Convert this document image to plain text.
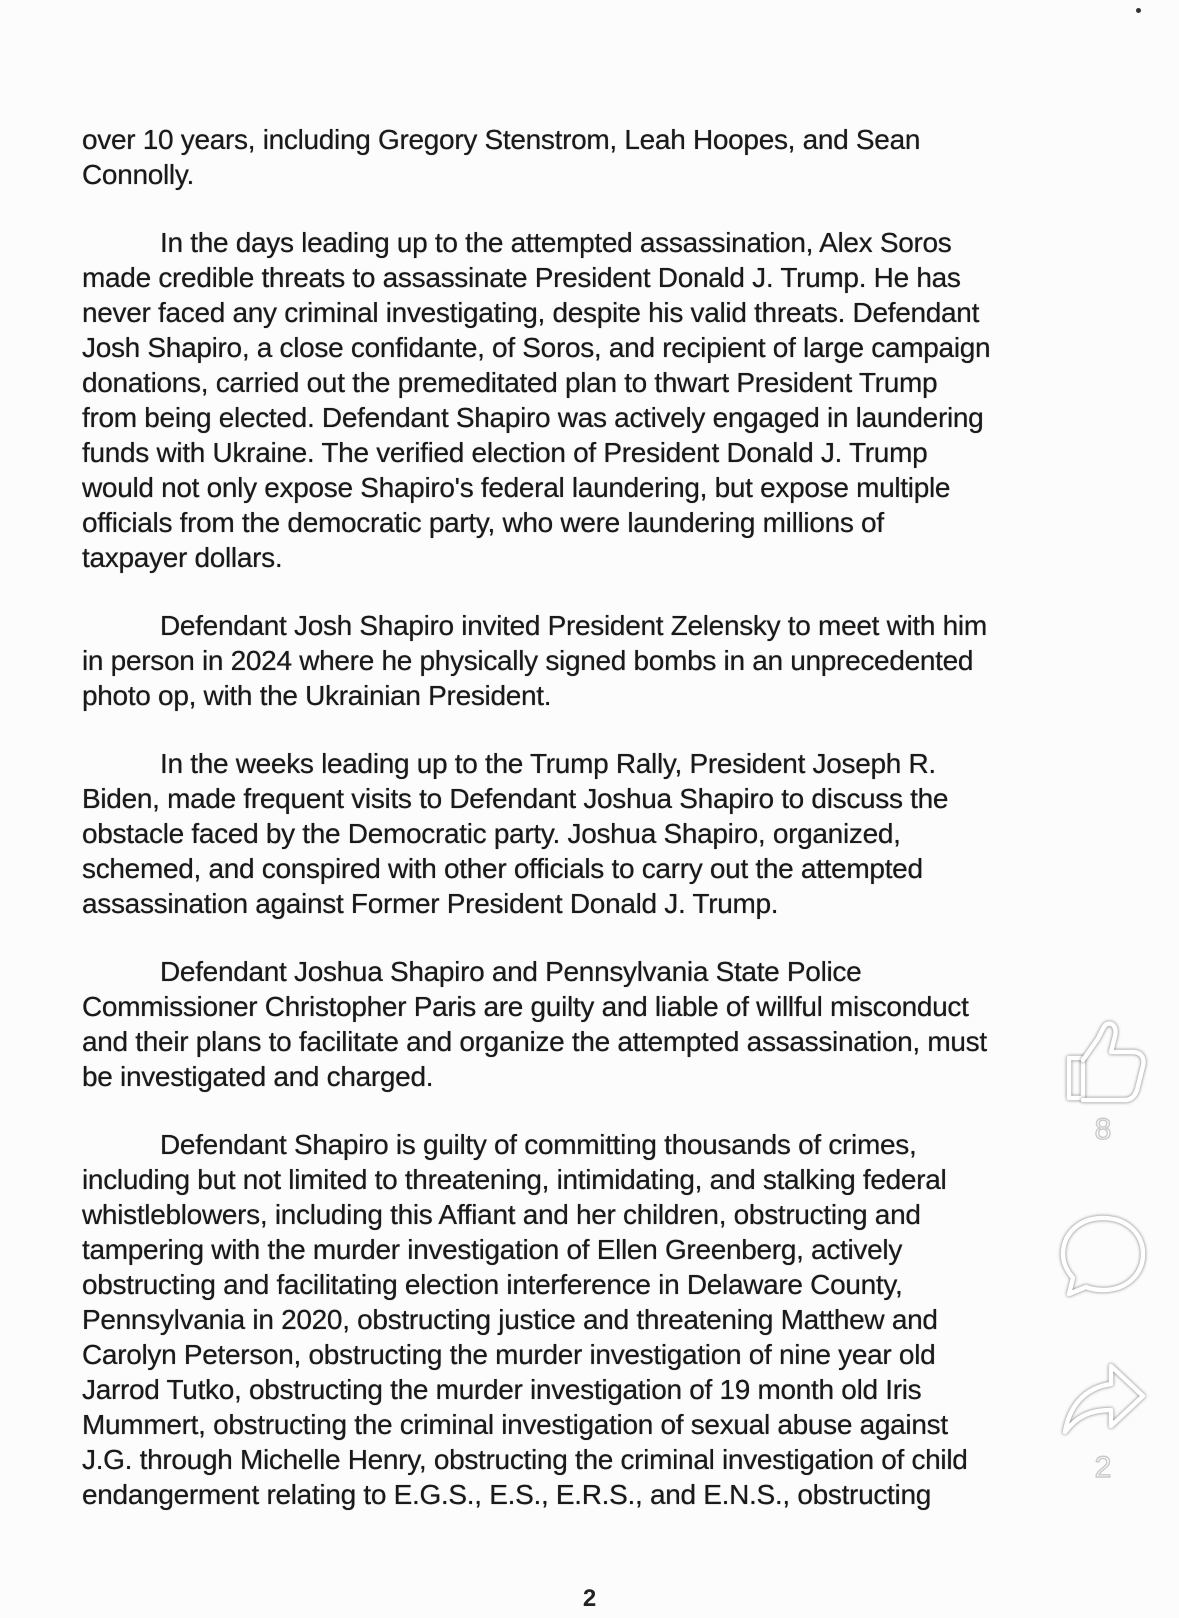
over 10 years, including Gregory Stenstrom, Leah Hoopes, and Sean
Connolly.
In the days leading up to the attempted assassination, Alex Soros
made credible threats to assassinate President Donald J. Trump. He has
never faced any criminal investigating, despite his valid threats. Defendant
Josh Shapiro, a close confidante, of Soros, and recipient of large campaign
donations, carried out the premeditated plan to thwart President Trump
from being elected. Defendant Shapiro was actively engaged in laundering
funds with Ukraine. The verified election of President Donald J. Trump
would not only expose Shapiro's federal laundering, but expose multiple
officials from the democratic party, who were laundering millions of
taxpayer dollars.
Defendant Josh Shapiro invited President Zelensky to meet with him
in person in 2024 where he physically signed bombs in an unprecedented
photo op, with the Ukrainian President.
In the weeks leading up to the Trump Rally, President Joseph R.
Biden, made frequent visits to Defendant Joshua Shapiro to discuss the
obstacle faced by the Democratic party. Joshua Shapiro, organized,
schemed, and conspired with other officials to carry out the attempted
assassination against Former President Donald J. Trump.
Defendant Joshua Shapiro and Pennsylvania State Police
Commissioner Christopher Paris are guilty and liable of willful misconduct
and their plans to facilitate and organize the attempted assassination, must
be investigated and charged.
Defendant Shapiro is guilty of committing thousands of crimes,
including but not limited to threatening, intimidating, and stalking federal
whistleblowers, including this Affiant and her children, obstructing and
tampering with the murder investigation of Ellen Greenberg, actively
obstructing and facilitating election interference in Delaware County,
Pennsylvania in 2020, obstructing justice and threatening Matthew and
Carolyn Peterson, obstructing the murder investigation of nine year old
Jarrod Tutko, obstructing the murder investigation of 19 month old Iris
Mummert, obstructing the criminal investigation of sexual abuse against
J.G. through Michelle Henry, obstructing the criminal investigation of child
endangerment relating to E.G.S., E.S., E.R.S., and E.N.S., obstructing
2
8
2
